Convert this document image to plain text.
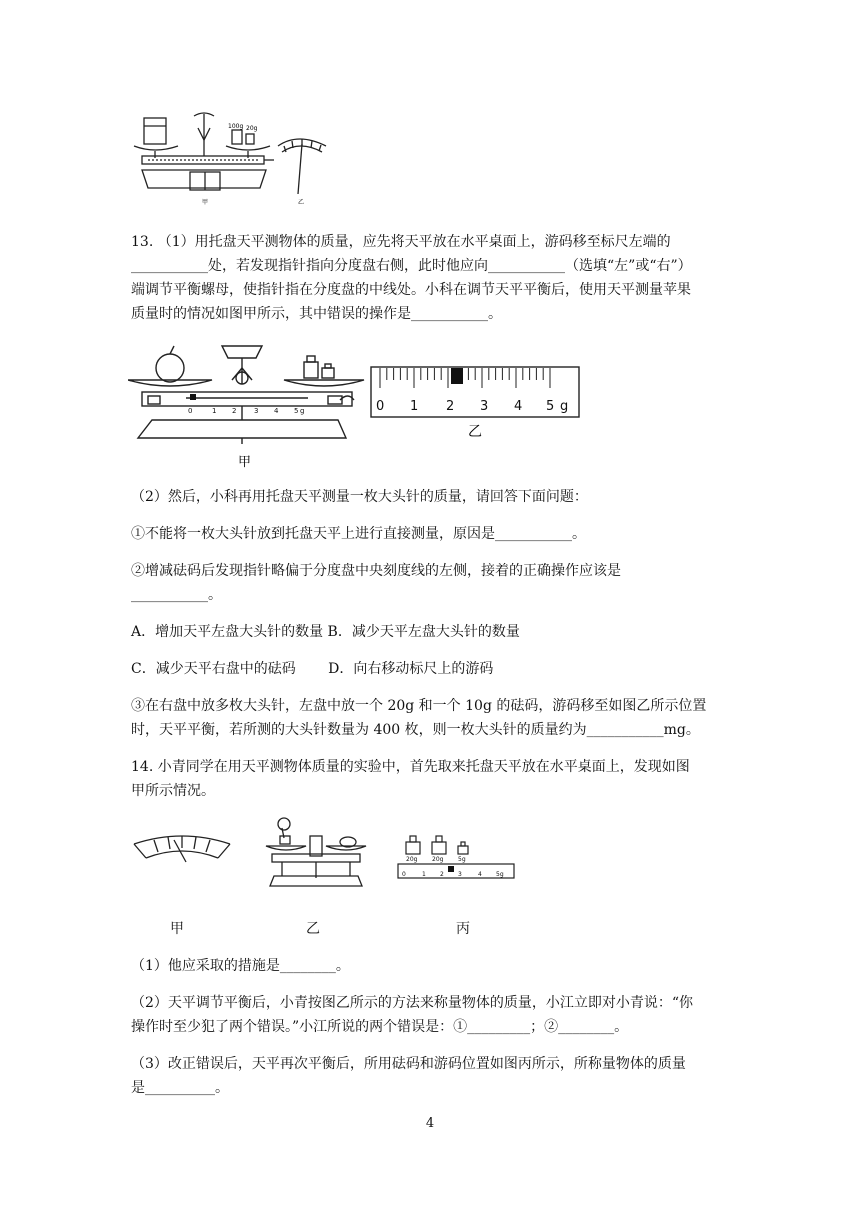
100g 20g
甲	乙
13. （1）用托盘天平测物体的质量，应先将天平放在水平桌面上，游码移至标尺左端的
___________处，若发现指针指向分度盘右侧，此时他应向___________（选填“左”或“右”）
端调节平衡螺母，使指针指在分度盘的中线处。小科在调节天平平衡后，使用天平测量苹果
质量时的情况如图甲所示，其中错误的操作是___________。
0	1 2	3 4 5 g
甲
0 1 2 3 4 5 g
乙
（2）然后，小科再用托盘天平测量一枚大头针的质量，请回答下面问题：
①不能将一枚大头针放到托盘天平上进行直接测量，原因是___________。
②增减砝码后发现指针略偏于分度盘中央刻度线的左侧，接着的正确操作应该是
___________。
A．增加天平左盘大头针的数量 B．减少天平左盘大头针的数量
C．减少天平右盘中的砝码　　 D．向右移动标尺上的游码
③在右盘中放多枚大头针，左盘中放一个 20g 和一个 10g 的砝码，游码移至如图乙所示位置
时，天平平衡，若所测的大头针数量为 400 枚，则一枚大头针的质量约为___________mg。
14. 小青同学在用天平测物体质量的实验中，首先取来托盘天平放在水平桌面上，发现如图
甲所示情况。
20g 20g 5g
0	1 2 3	4 5g
甲	乙	丙
（1）他应采取的措施是________。
（2）天平调节平衡后，小青按图乙所示的方法来称量物体的质量，小江立即对小青说：“你
操作时至少犯了两个错误。”小江所说的两个错误是：①_________；②________。
（3）改正错误后，天平再次平衡后，所用砝码和游码位置如图丙所示，所称量物体的质量
是__________。
4
